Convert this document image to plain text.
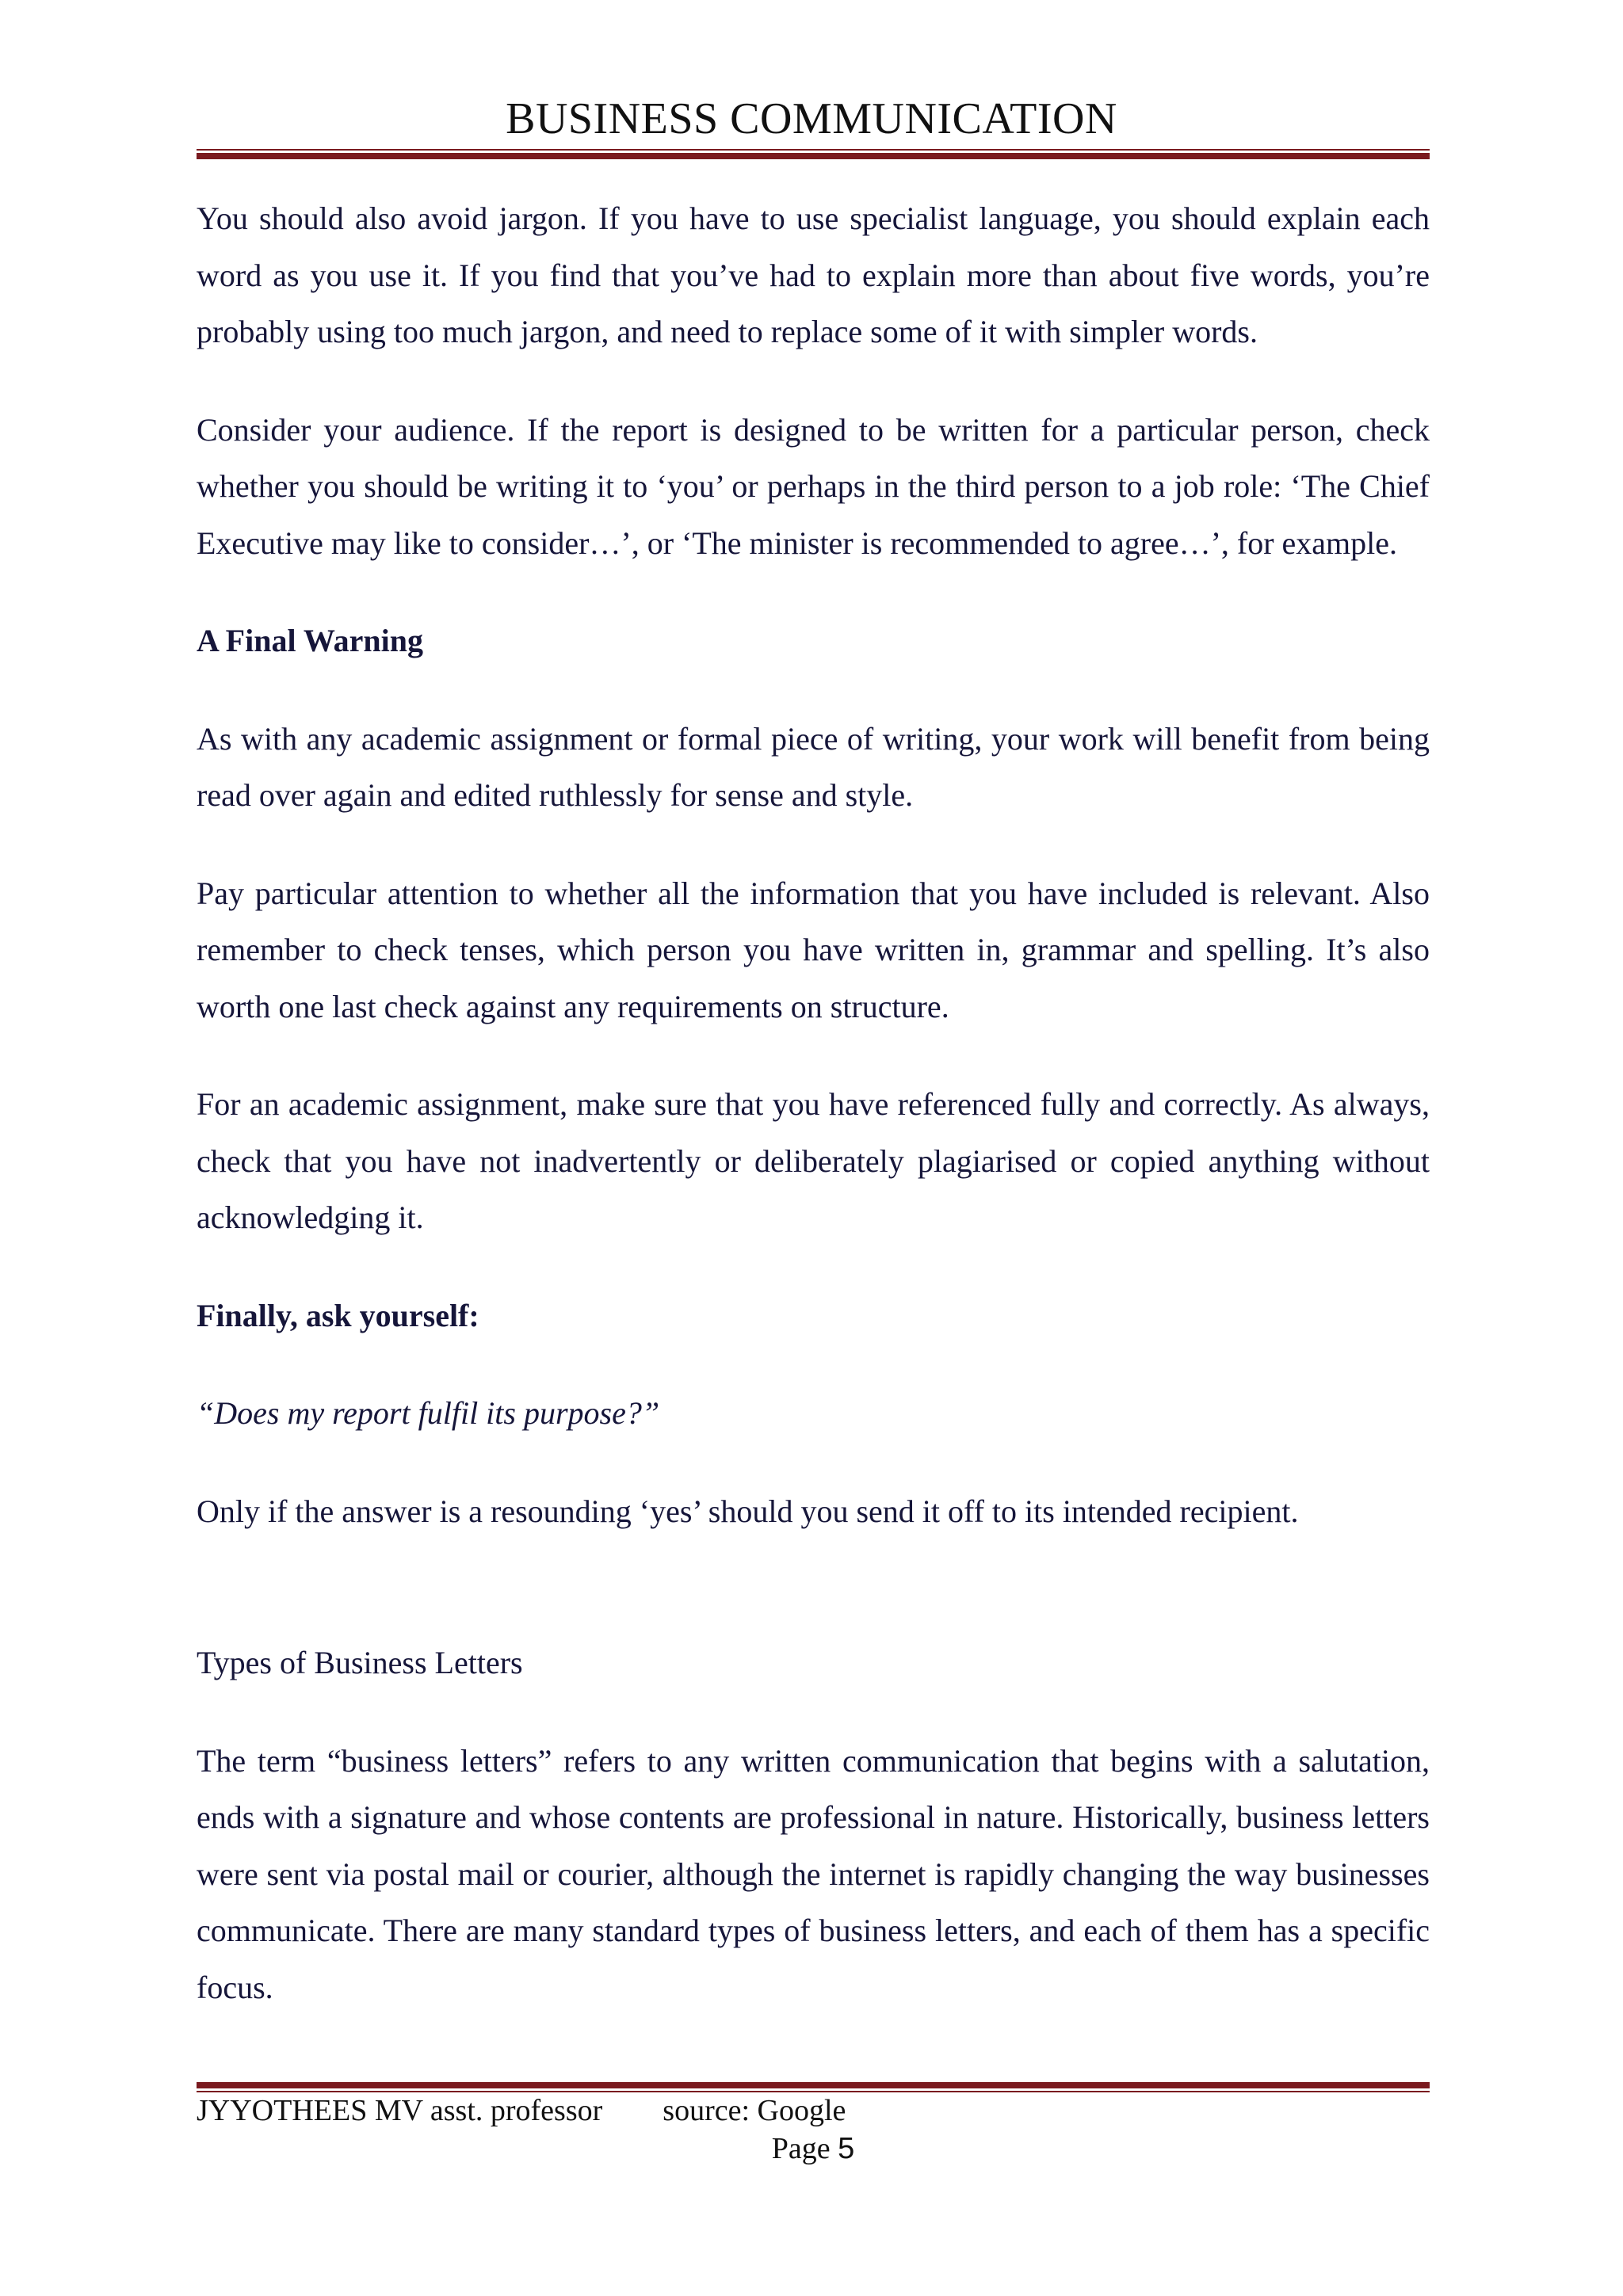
BUSINESS COMMUNICATION

You should also avoid jargon. If you have to use specialist language, you should explain each word as you use it. If you find that you’ve had to explain more than about five words, you’re probably using too much jargon, and need to replace some of it with simpler words.

Consider your audience. If the report is designed to be written for a particular person, check whether you should be writing it to ‘you’ or perhaps in the third person to a job role: ‘The Chief Executive may like to consider…’, or ‘The minister is recommended to agree…’, for example.

A Final Warning

As with any academic assignment or formal piece of writing, your work will benefit from being read over again and edited ruthlessly for sense and style.

Pay particular attention to whether all the information that you have included is relevant. Also remember to check tenses, which person you have written in, grammar and spelling. It’s also worth one last check against any requirements on structure.

For an academic assignment, make sure that you have referenced fully and correctly. As always, check that you have not inadvertently or deliberately plagiarised or copied anything without acknowledging it.

Finally, ask yourself:

“Does my report fulfil its purpose?”

Only if the answer is a resounding ‘yes’ should you send it off to its intended recipient.

Types of Business Letters

The term “business letters” refers to any written communication that begins with a salutation, ends with a signature and whose contents are professional in nature. Historically, business letters were sent via postal mail or courier, although the internet is rapidly changing the way businesses communicate. There are many standard types of business letters, and each of them has a specific focus.

JYYOTHEES MV asst. professor source: Google
Page 5
